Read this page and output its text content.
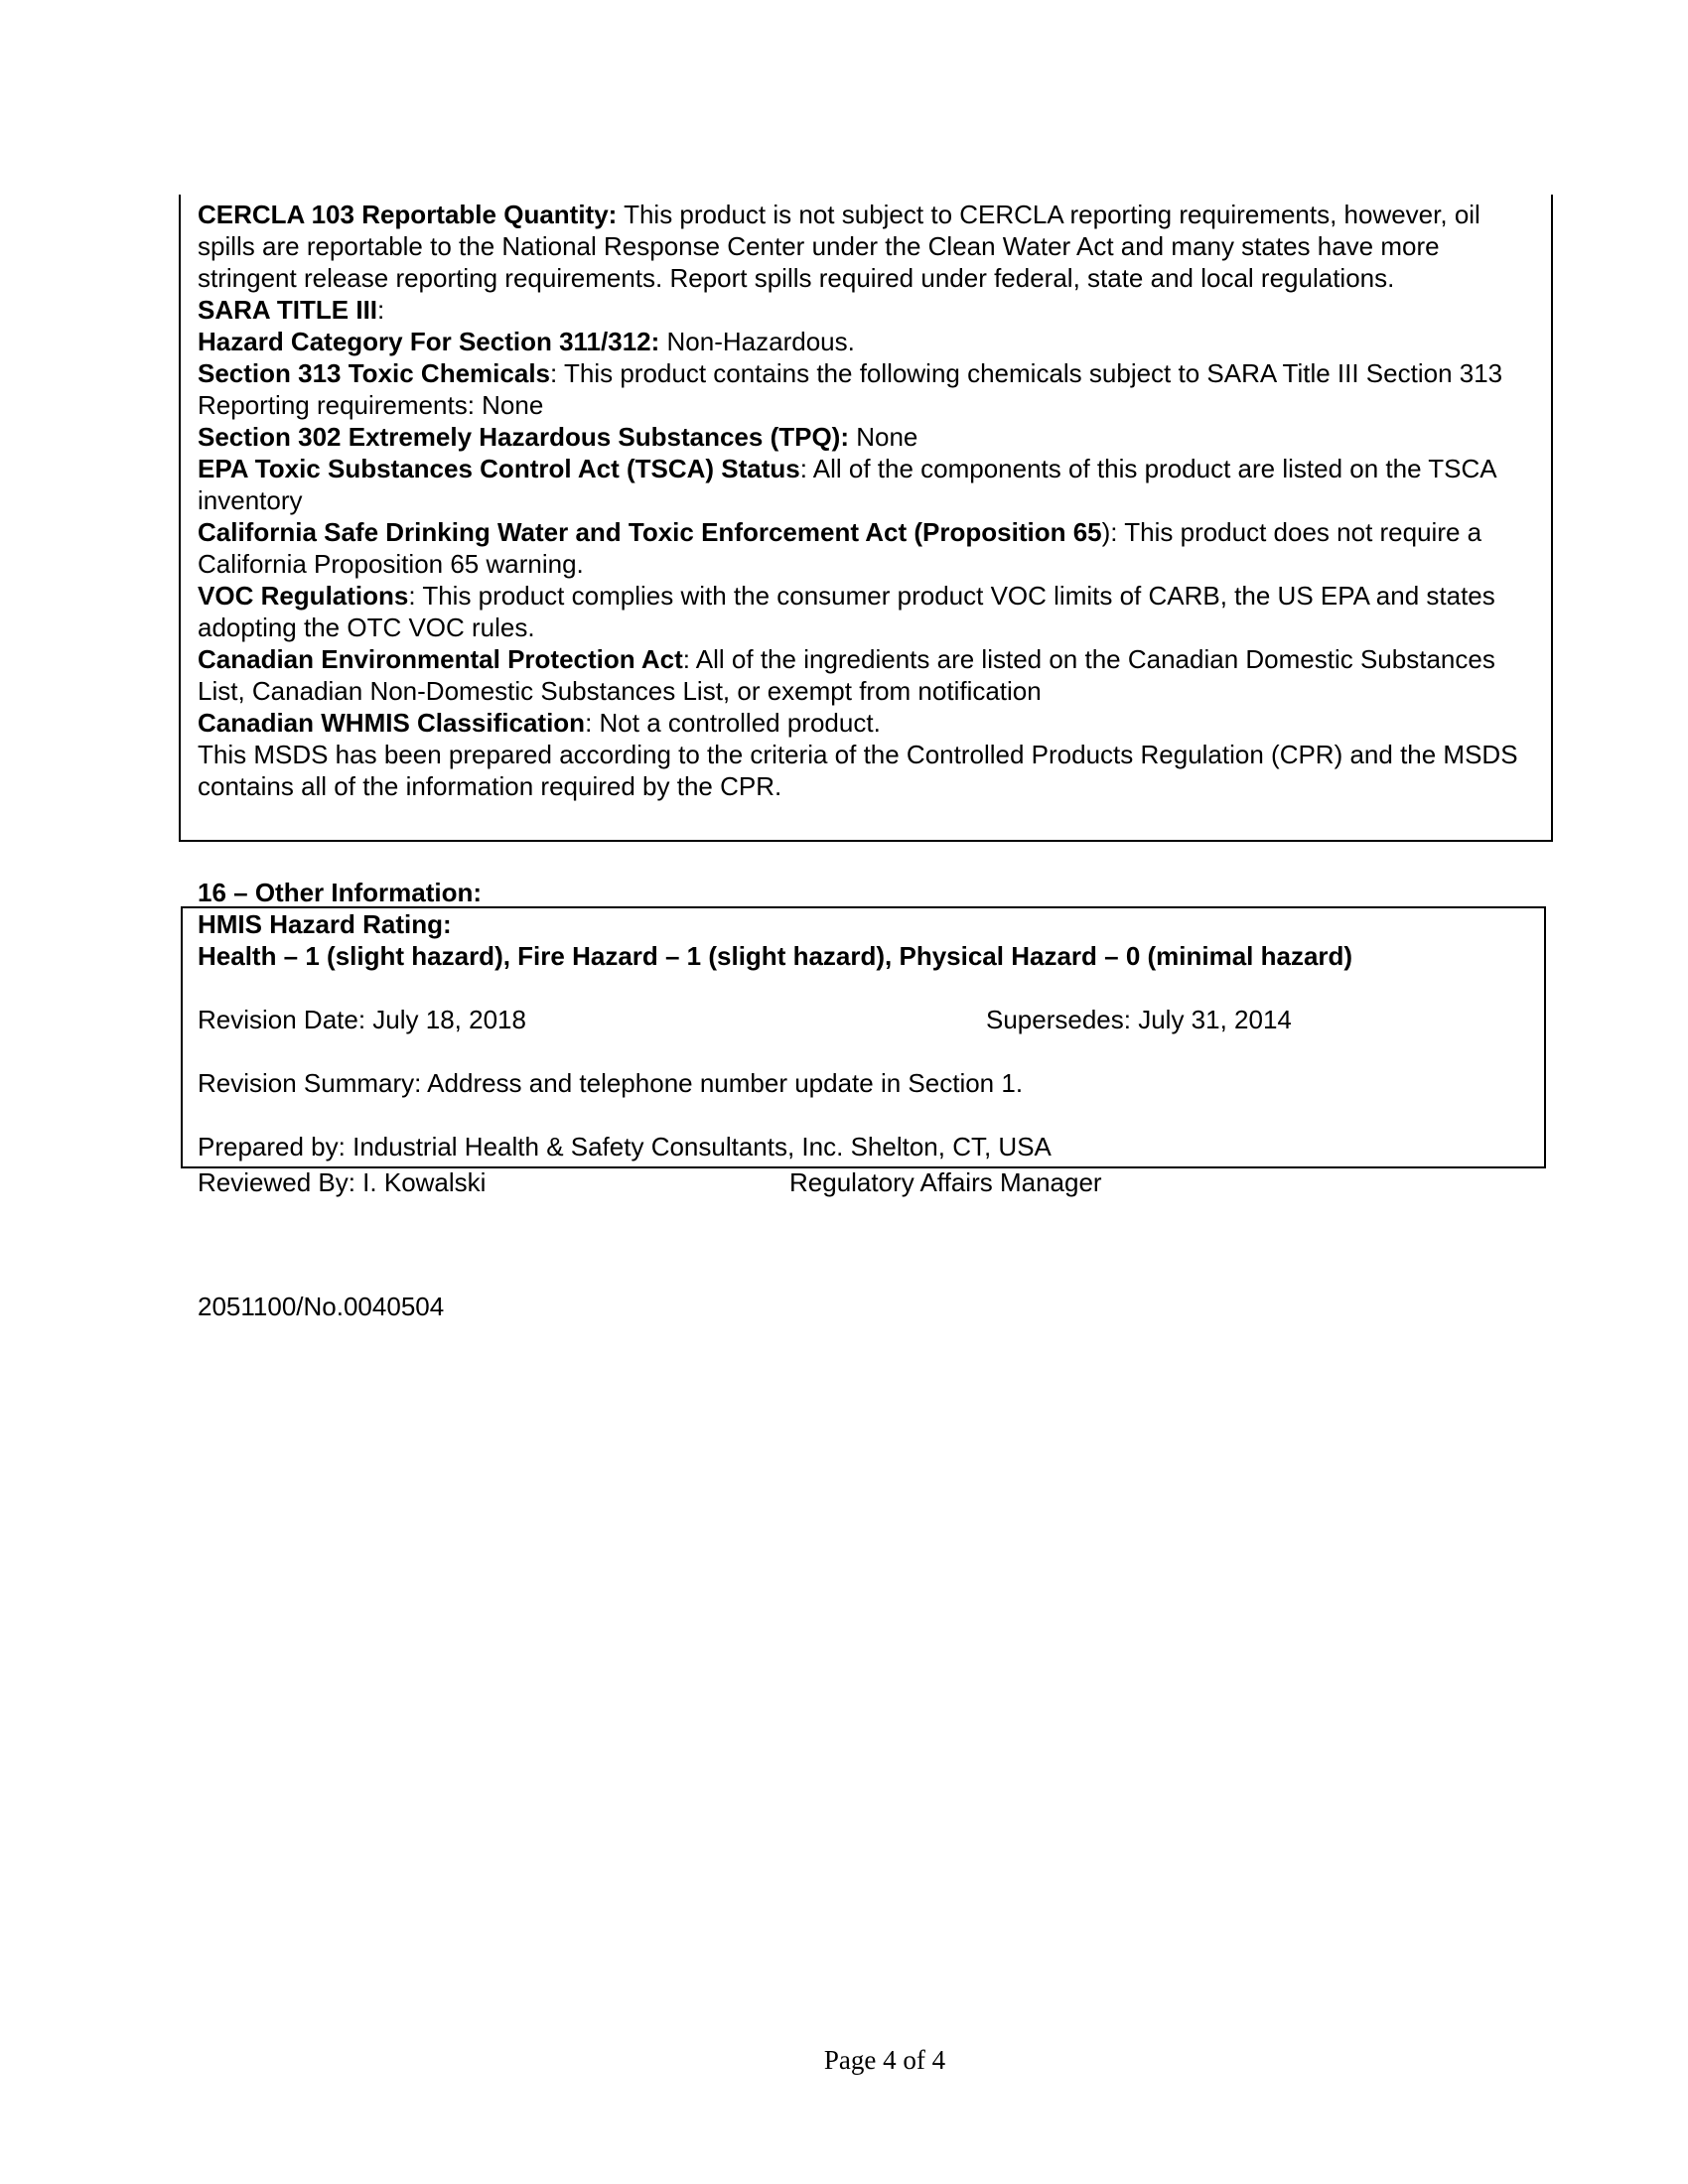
CERCLA 103 Reportable Quantity: This product is not subject to CERCLA reporting requirements, however, oil spills are reportable to the National Response Center under the Clean Water Act and many states have more stringent release reporting requirements. Report spills required under federal, state and local regulations.

SARA TITLE III:

Hazard Category For Section 311/312: Non-Hazardous.

Section 313 Toxic Chemicals: This product contains the following chemicals subject to SARA Title III Section 313 Reporting requirements: None

Section 302 Extremely Hazardous Substances (TPQ): None

EPA Toxic Substances Control Act (TSCA) Status: All of the components of this product are listed on the TSCA inventory

California Safe Drinking Water and Toxic Enforcement Act (Proposition 65): This product does not require a California Proposition 65 warning.

VOC Regulations: This product complies with the consumer product VOC limits of CARB, the US EPA and states adopting the OTC VOC rules.

Canadian Environmental Protection Act: All of the ingredients are listed on the Canadian Domestic Substances List, Canadian Non-Domestic Substances List, or exempt from notification

Canadian WHMIS Classification: Not a controlled product.

This MSDS has been prepared according to the criteria of the Controlled Products Regulation (CPR) and the MSDS contains all of the information required by the CPR.

16 – Other Information:
HMIS Hazard Rating:
Health – 1 (slight hazard), Fire Hazard – 1 (slight hazard), Physical Hazard – 0 (minimal hazard)
Revision Date: July 18, 2018	Supersedes: July 31, 2014
Revision Summary: Address and telephone number update in Section 1.
Prepared by: Industrial Health & Safety Consultants, Inc. Shelton, CT, USA
Reviewed By: I. Kowalski	Regulatory Affairs Manager
2051100/No.0040504
Page 4 of 4
